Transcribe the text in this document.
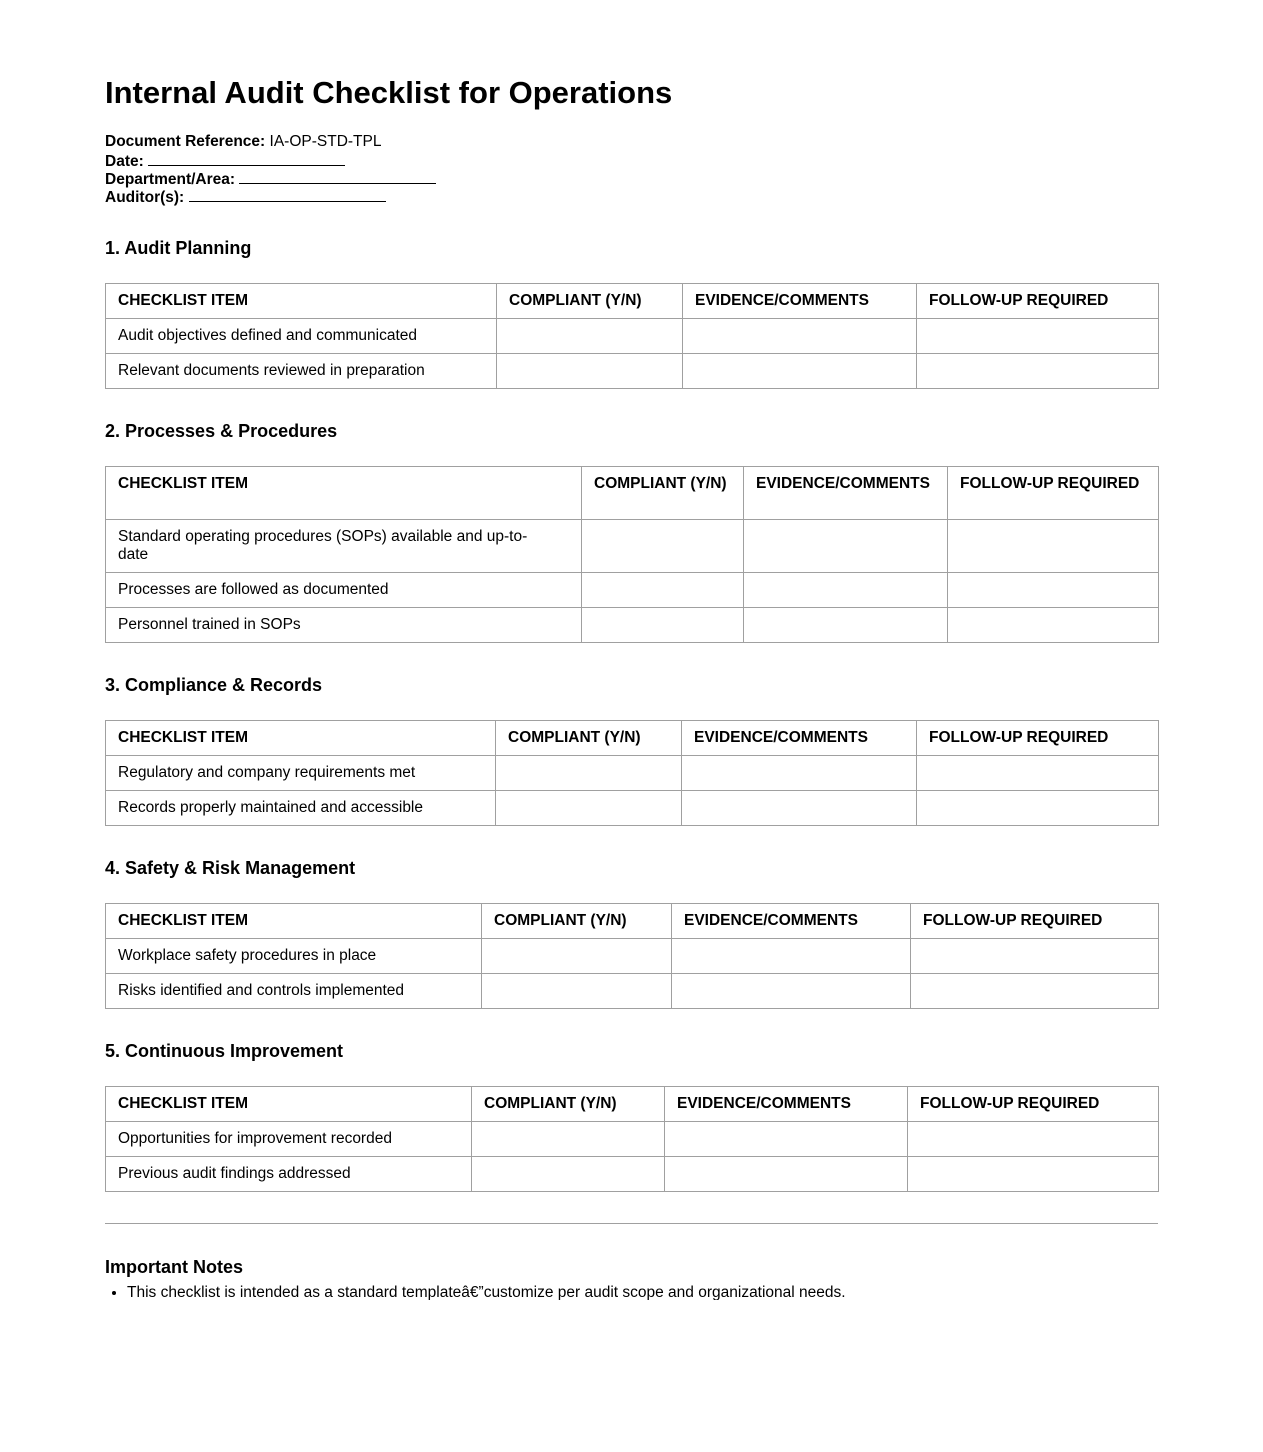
Internal Audit Checklist for Operations
Document Reference: IA-OP-STD-TPL
Date:
Department/Area:
Auditor(s):
1. Audit Planning
CHECKLIST ITEM	COMPLIANT (Y/N)	EVIDENCE/COMMENTS	FOLLOW-UP REQUIRED
Audit objectives defined and communicated			
Relevant documents reviewed in preparation			
2. Processes & Procedures
CHECKLIST ITEM	COMPLIANT (Y/N)	EVIDENCE/COMMENTS	FOLLOW-UP REQUIRED
Standard operating procedures (SOPs) available and up-to-date			
Processes are followed as documented			
Personnel trained in SOPs			
3. Compliance & Records
CHECKLIST ITEM	COMPLIANT (Y/N)	EVIDENCE/COMMENTS	FOLLOW-UP REQUIRED
Regulatory and company requirements met			
Records properly maintained and accessible			
4. Safety & Risk Management
CHECKLIST ITEM	COMPLIANT (Y/N)	EVIDENCE/COMMENTS	FOLLOW-UP REQUIRED
Workplace safety procedures in place			
Risks identified and controls implemented			
5. Continuous Improvement
CHECKLIST ITEM	COMPLIANT (Y/N)	EVIDENCE/COMMENTS	FOLLOW-UP REQUIRED
Opportunities for improvement recorded			
Previous audit findings addressed			
Important Notes
• This checklist is intended as a standard templateâ€”customize per audit scope and organizational needs.
